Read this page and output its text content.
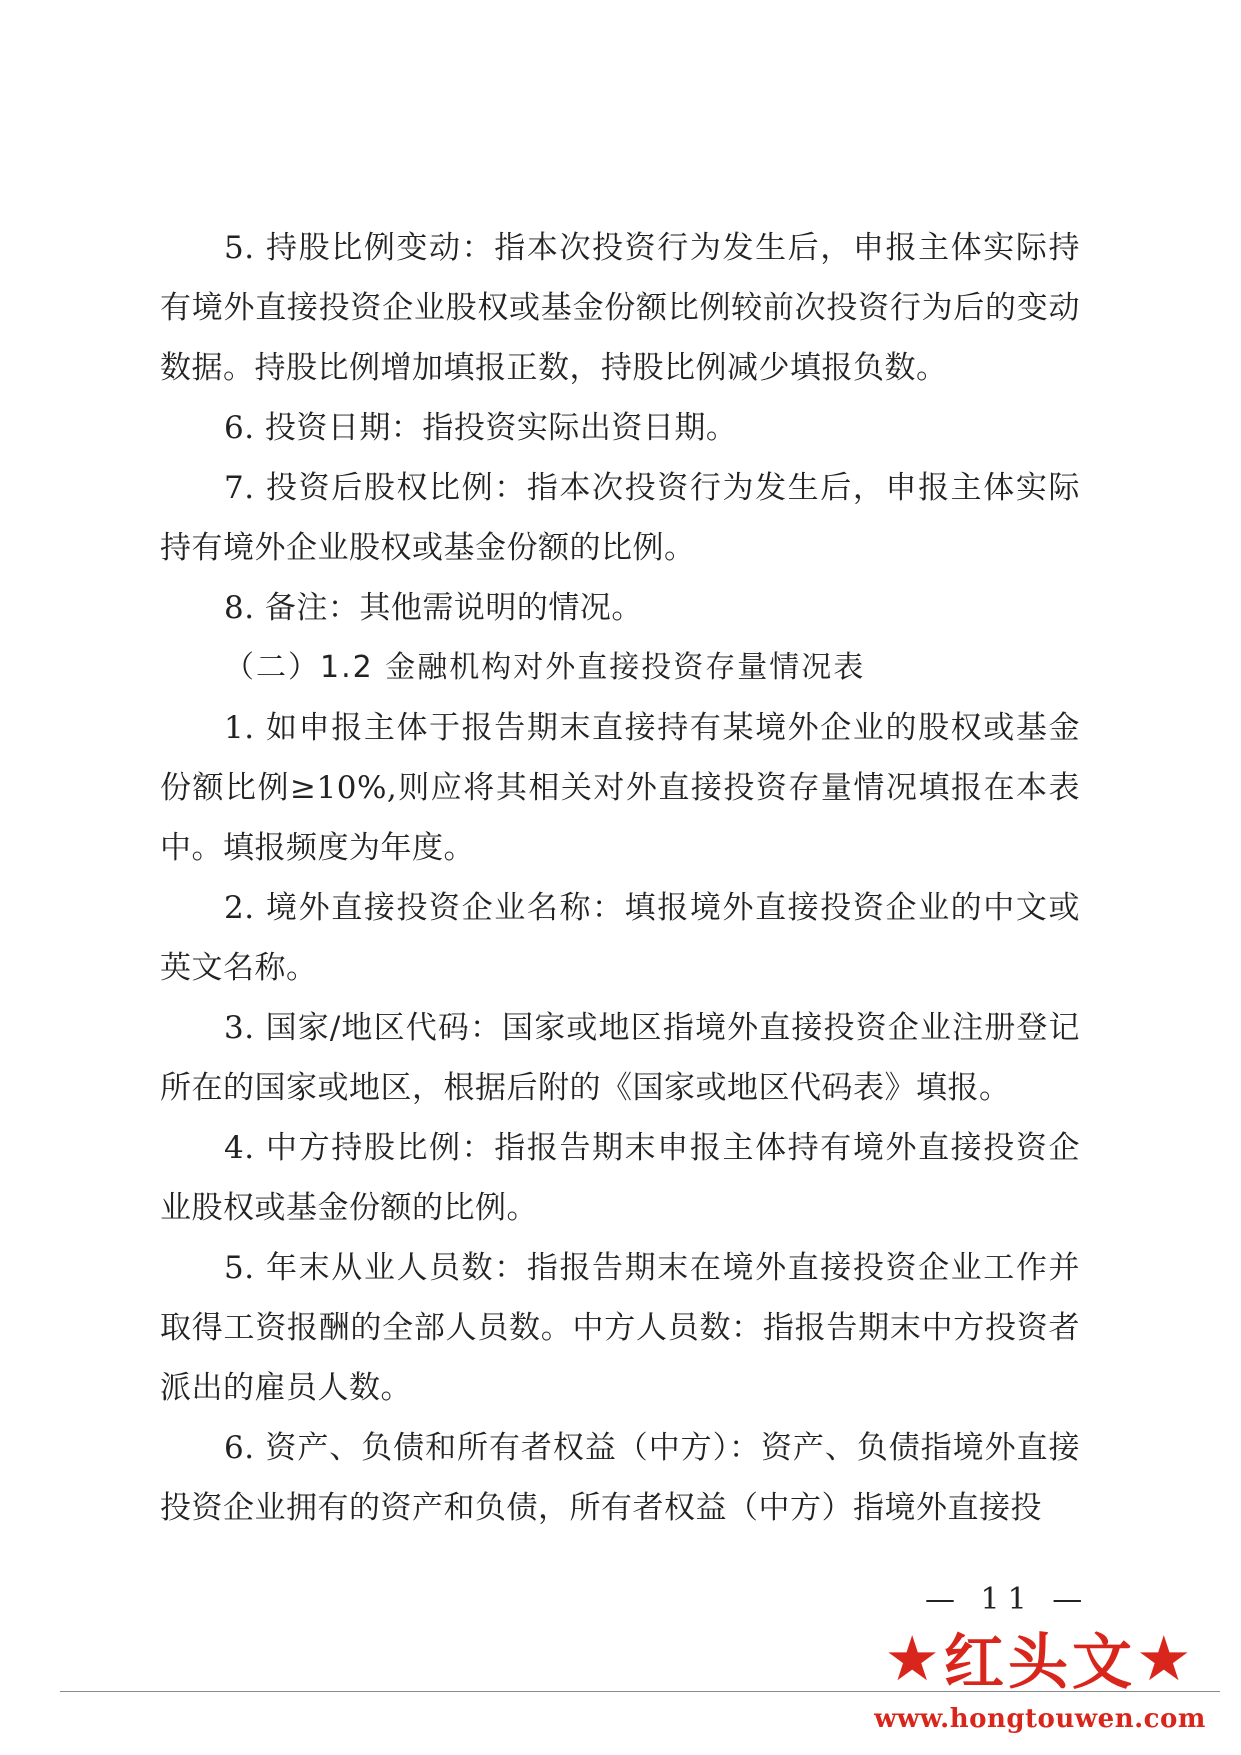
5. 持股比例变动：指本次投资行为发生后，申报主体实际持有境外直接投资企业股权或基金份额比例较前次投资行为后的变动数据。持股比例增加填报正数，持股比例减少填报负数。

6. 投资日期：指投资实际出资日期。

7. 投资后股权比例：指本次投资行为发生后，申报主体实际持有境外企业股权或基金份额的比例。

8. 备注：其他需说明的情况。

（二）1.2 金融机构对外直接投资存量情况表

1. 如申报主体于报告期末直接持有某境外企业的股权或基金份额比例≥10%,则应将其相关对外直接投资存量情况填报在本表中。填报频度为年度。

2. 境外直接投资企业名称：填报境外直接投资企业的中文或英文名称。

3. 国家/地区代码：国家或地区指境外直接投资企业注册登记所在的国家或地区，根据后附的《国家或地区代码表》填报。

4. 中方持股比例：指报告期末申报主体持有境外直接投资企业股权或基金份额的比例。

5. 年末从业人员数：指报告期末在境外直接投资企业工作并取得工资报酬的全部人员数。中方人员数：指报告期末中方投资者派出的雇员人数。

6. 资产、负债和所有者权益（中方）：资产、负债指境外直接投资企业拥有的资产和负债，所有者权益（中方）指境外直接投

— 11 —
★ 红头文 ★
www.hongtouwen.com
